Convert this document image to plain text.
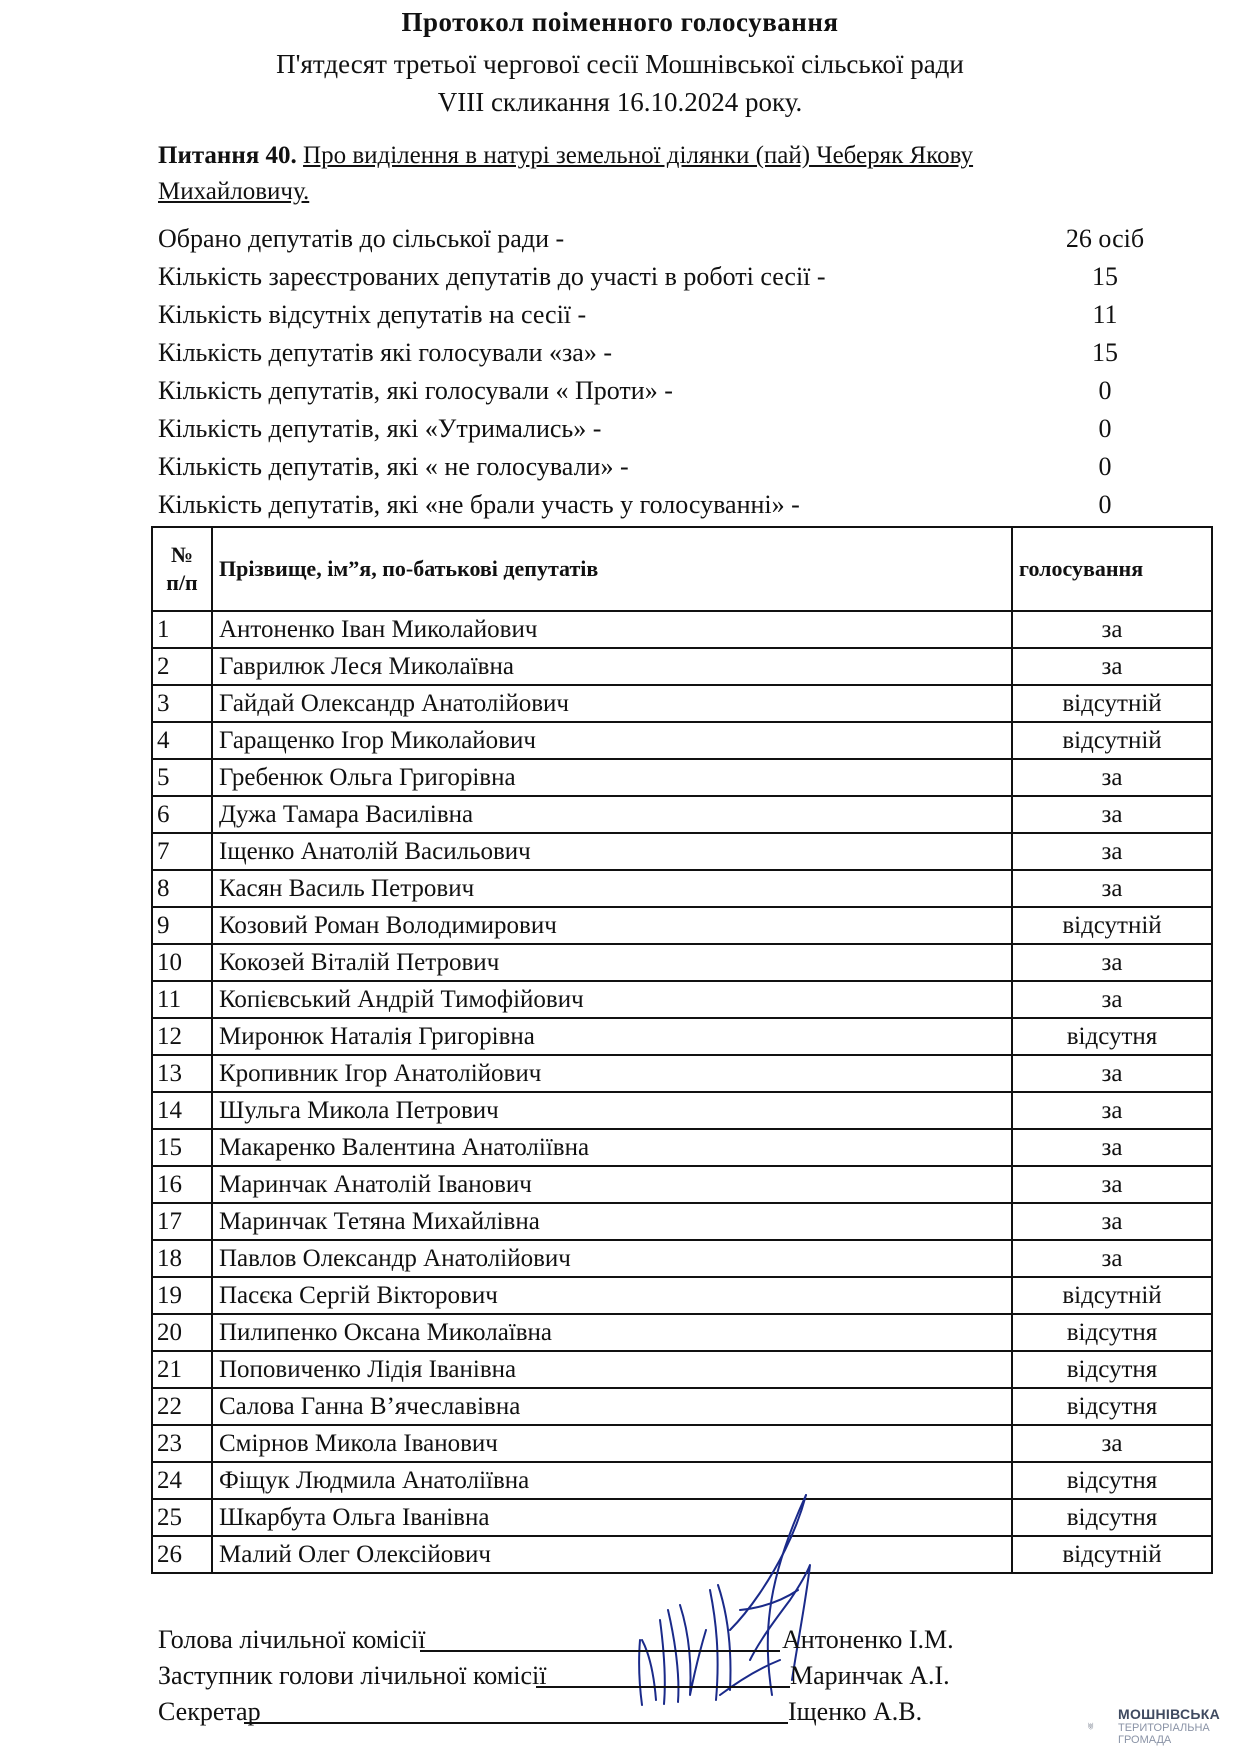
Протокол поіменного голосування
П'ятдесят третьої чергової сесії Мошнівської сільської ради
VIII скликання 16.10.2024 року.
Питання 40. Про виділення в натурі земельної ділянки (пай) Чеберяк Якову Михайловичу.
Обрано депутатів до сільської ради -	26 осіб
Кількість зареєстрованих депутатів до участі в роботі сесії -	15
Кількість відсутніх депутатів на сесії -	11
Кількість депутатів які голосували «за» -	15
Кількість депутатів, які голосували « Проти» -	0
Кількість депутатів, які «Утримались» -	0
Кількість депутатів, які « не голосували» -	0
Кількість депутатів, які «не брали участь у голосуванні» -	0
№
п/п	Прізвище, ім”я, по-батькові депутатів	голосування
1	Антоненко Іван Миколайович	за
2	Гаврилюк Леся Миколаївна	за
3	Гайдай Олександр Анатолійович	відсутній
4	Гаращенко Ігор Миколайович	відсутній
5	Гребенюк Ольга Григорівна	за
6	Дужа Тамара Василівна	за
7	Іщенко Анатолій Васильович	за
8	Касян Василь Петрович	за
9	Козовий Роман Володимирович	відсутній
10	Кокозей Віталій Петрович	за
11	Копієвський Андрій Тимофійович	за
12	Миронюк Наталія Григорівна	відсутня
13	Кропивник Ігор Анатолійович	за
14	Шульга Микола Петрович	за
15	Макаренко Валентина Анатоліївна	за
16	Маринчак Анатолій Іванович	за
17	Маринчак Тетяна Михайлівна	за
18	Павлов Олександр Анатолійович	за
19	Пасєка Сергій Вікторович	відсутній
20	Пилипенко Оксана Миколаївна	відсутня
21	Поповиченко Лідія Іванівна	відсутня
22	Салова Ганна В’ячеславівна	відсутня
23	Смірнов Микола Іванович	за
24	Фіщук Людмила Анатоліївна	відсутня
25	Шкарбута Ольга Іванівна	відсутня
26	Малий Олег Олексійович	відсутній
Голова лічильної комісії	Антоненко І.М.
Заступник голови лічильної комісії	Маринчак А.І.
Секретар	Іщенко А.В.	МОШНІВСЬКА
ТЕРИТОРІАЛЬНА
ГРОМАДА
